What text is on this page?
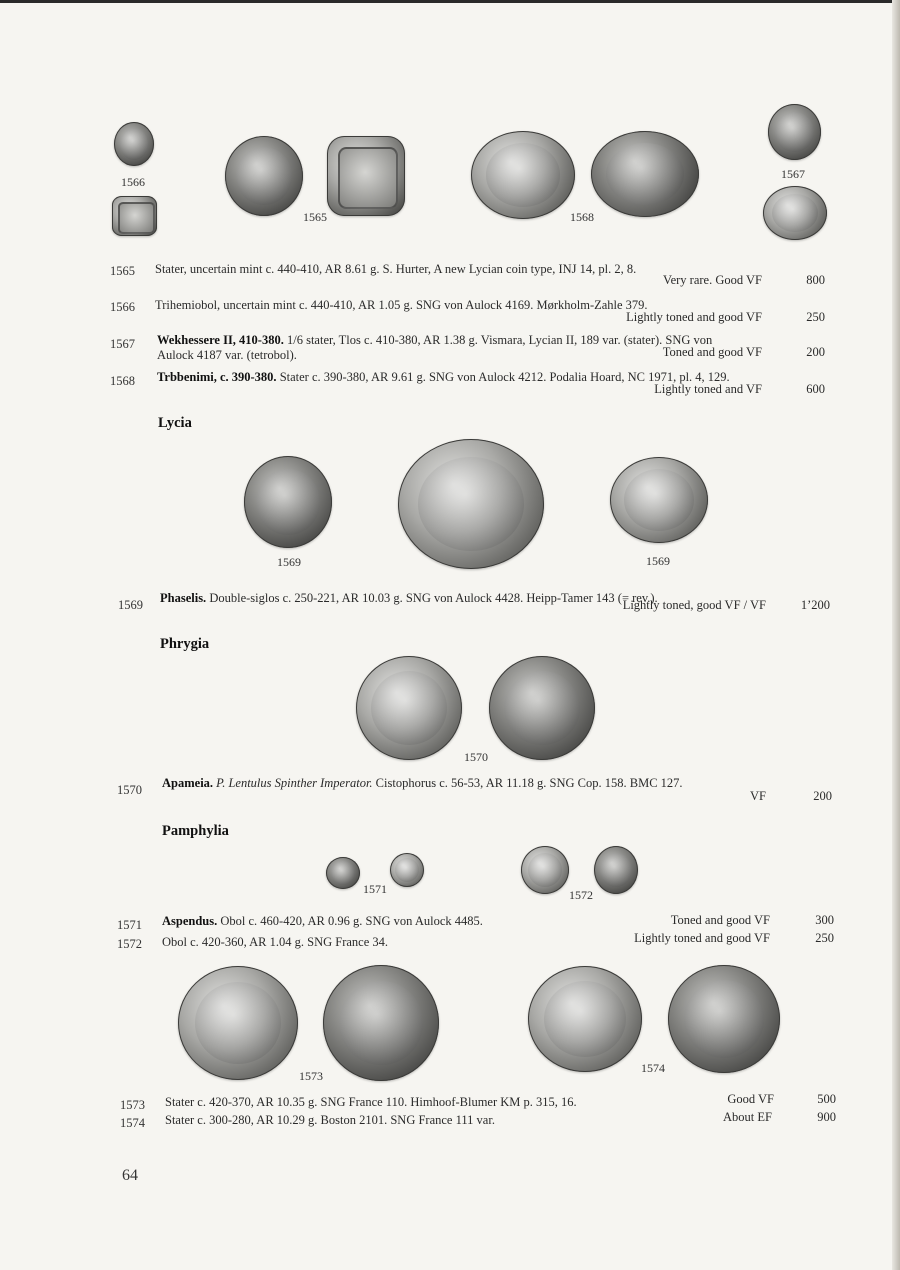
1566
1565	1568
1567
1565 Stater, uncertain mint c. 440-410, AR 8.61 g. S. Hurter, A new Lycian coin type, INJ 14, pl. 2, 8.
Very rare. Good VF	800
1566 Trihemiobol, uncertain mint c. 440-410, AR 1.05 g. SNG von Aulock 4169. Mørkholm-Zahle 379.
Lightly toned and good VF	250
1567 Wekhessere II, 410-380. 1/6 stater, Tlos c. 410-380, AR 1.38 g. Vismara, Lycian II, 189 var. (stater). SNG von
Aulock 4187 var. (tetrobol).	Toned and good VF	200
1568 Trbbenimi, c. 390-380. Stater c. 390-380, AR 9.61 g. SNG von Aulock 4212. Podalia Hoard, NC 1971, pl. 4, 129.
Lightly toned and VF	600
Lycia
1569	1569
1569 Phaselis. Double-siglos c. 250-221, AR 10.03 g. SNG von Aulock 4428. Heipp-Tamer 143 (= rev.).
Lightly toned, good VF / VF	1’200
Phrygia
1570
1570 Apameia. P. Lentulus Spinther Imperator. Cistophorus c. 56-53, AR 11.18 g. SNG Cop. 158. BMC 127.
VF	200
Pamphylia
1571	1572
1571 Aspendus. Obol c. 460-420, AR 0.96 g. SNG von Aulock 4485.	Toned and good VF	300
1572 Obol c. 420-360, AR 1.04 g. SNG France 34.	Lightly toned and good VF	250
1573
1574
1573 Stater c. 420-370, AR 10.35 g. SNG France 110. Himhoof-Blumer KM p. 315, 16.	Good VF	500
1574 Stater c. 300-280, AR 10.29 g. Boston 2101. SNG France 111 var.	About EF	900
64
